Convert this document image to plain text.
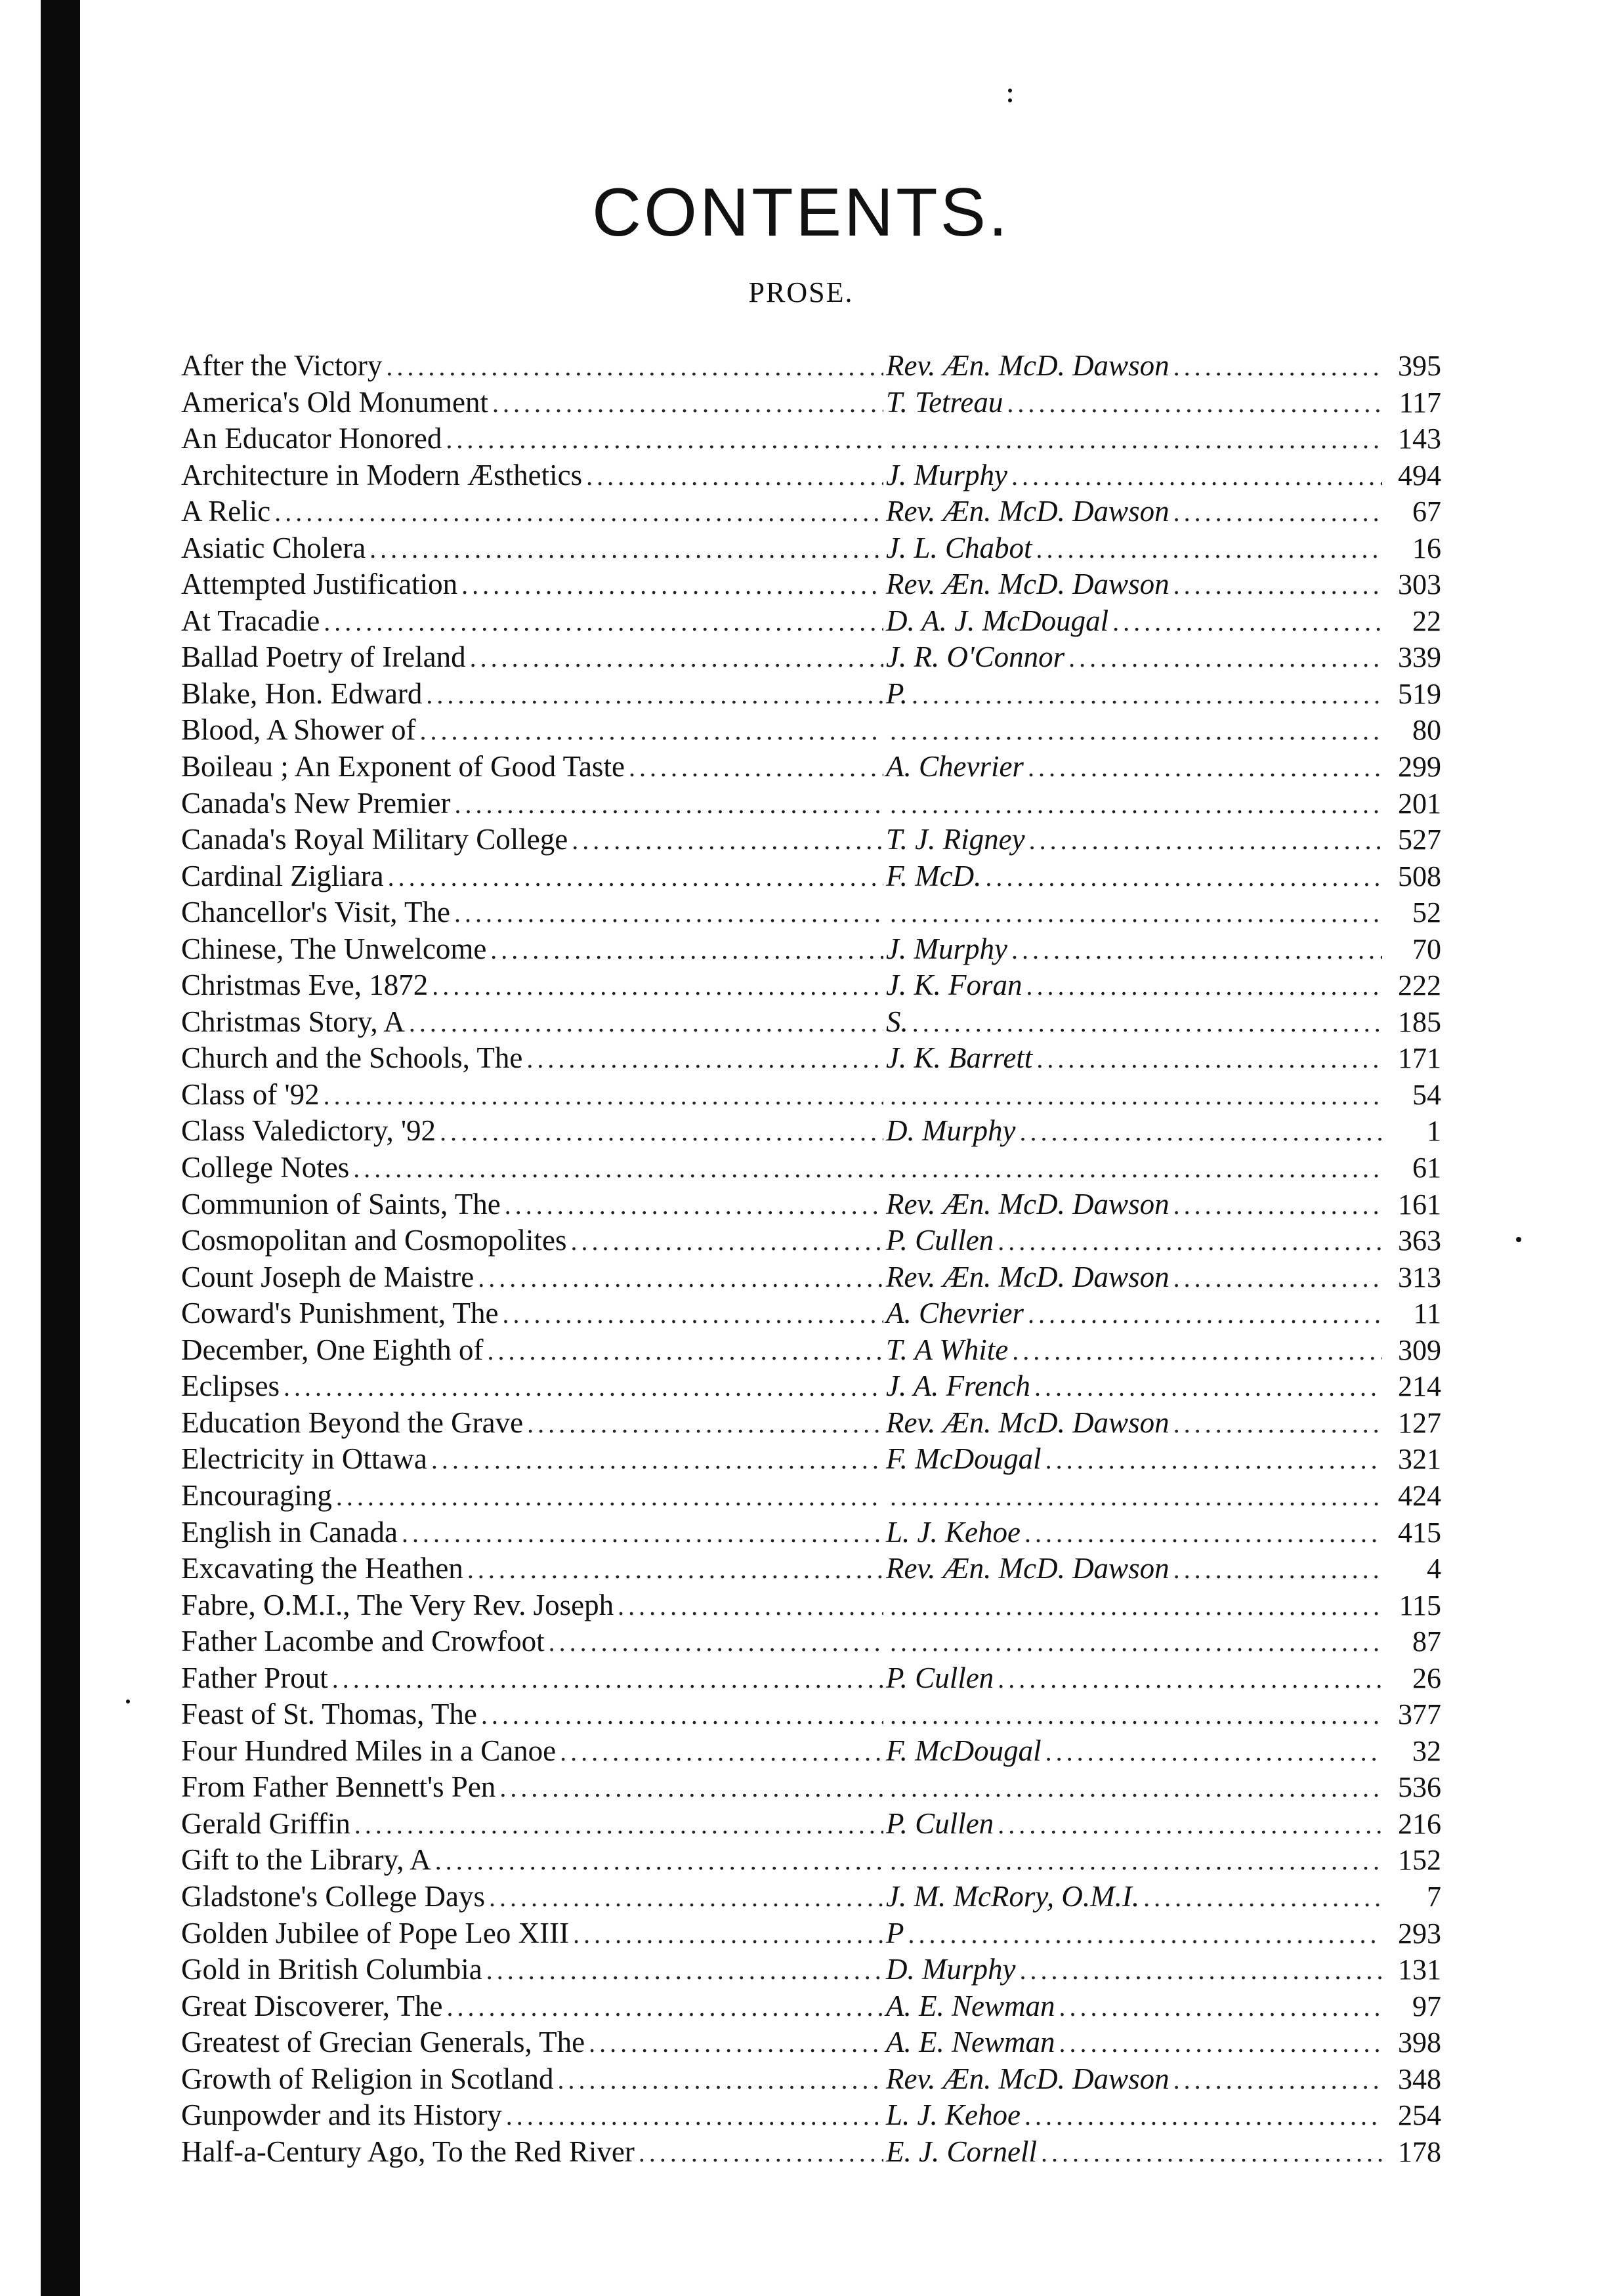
CONTENTS.
PROSE.
After the Victory .....	Rev. Æn. McD. Dawson .....	395
America's Old Monument .....	T. Tetreau .....	117
An Educator Honored ..... .....	143
Architecture in Modern Æsthetics .....	J. Murphy .....	494
A Relic .....	Rev. Æn. McD. Dawson .....	67
Asiatic Cholera .....	J. L. Chabot .....	16
Attempted Justification .....	Rev. Æn. McD. Dawson .....	303
At Tracadie .....	D. A. J. McDougal .....	22
Ballad Poetry of Ireland .....	J. R. O'Connor .....	339
Blake, Hon. Edward .....	P. .....	519
Blood, A Shower of ..... .....	80
Boileau ; An Exponent of Good Taste .....	A. Chevrier .....	299
Canada's New Premier ..... .....	201
Canada's Royal Military College .....	T. J. Rigney .....	527
Cardinal Zigliara .....	F. McD. .....	508
Chancellor's Visit, The ..... .....	52
Chinese, The Unwelcome .....	J. Murphy .....	70
Christmas Eve, 1872 .....	J. K. Foran .....	222
Christmas Story, A .....	S. .....	185
Church and the Schools, The .....	J. K. Barrett .....	171
Class of '92 ..... .....	54
Class Valedictory, '92 .....	D. Murphy .....	1
College Notes ..... .....	61
Communion of Saints, The .....	Rev. Æn. McD. Dawson .....	161
Cosmopolitan and Cosmopolites .....	P. Cullen .....	363
Count Joseph de Maistre .....	Rev. Æn. McD. Dawson .....	313
Coward's Punishment, The .....	A. Chevrier .....	11
December, One Eighth of .....	T. A White .....	309
Eclipses .....	J. A. French .....	214
Education Beyond the Grave .....	Rev. Æn. McD. Dawson .....	127
Electricity in Ottawa .....	F. McDougal .....	321
Encouraging ..... .....	424
English in Canada .....	L. J. Kehoe .....	415
Excavating the Heathen .....	Rev. Æn. McD. Dawson .....	4
Fabre, O.M.I., The Very Rev. Joseph ..... .....	115
Father Lacombe and Crowfoot ..... .....	87
Father Prout .....	P. Cullen .....	26
Feast of St. Thomas, The ..... .....	377
Four Hundred Miles in a Canoe .....	F. McDougal .....	32
From Father Bennett's Pen ..... .....	536
Gerald Griffin .....	P. Cullen .....	216
Gift to the Library, A ..... .....	152
Gladstone's College Days .....	J. M. McRory, O.M.I. .....	7
Golden Jubilee of Pope Leo XIII .....	P .....	293
Gold in British Columbia .....	D. Murphy .....	131
Great Discoverer, The .....	A. E. Newman .....	97
Greatest of Grecian Generals, The .....	A. E. Newman .....	398
Growth of Religion in Scotland .....	Rev. Æn. McD. Dawson .....	348
Gunpowder and its History .....	L. J. Kehoe .....	254
Half-a-Century Ago, To the Red River .....	E. J. Cornell .....	178
